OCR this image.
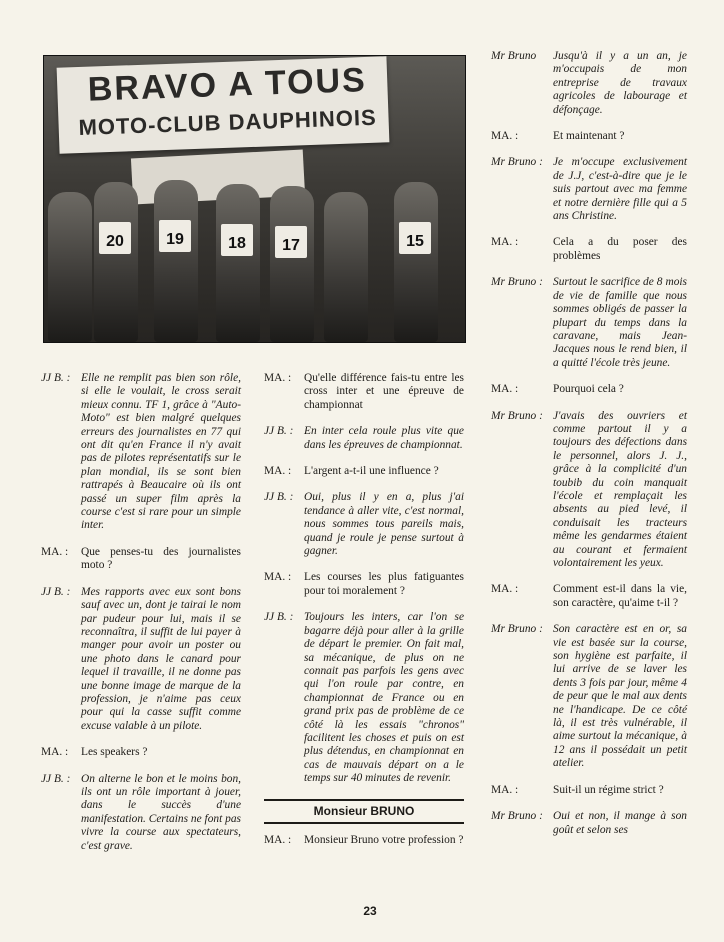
BRAVO A TOUS
MOTO-CLUB DAUPHINOIS
20	19	18	17	15
JJ B. : Elle ne remplit pas bien son rôle, si elle le voulait, le cross serait mieux connu. TF 1, grâce à "Auto-Moto" est bien malgré quelques erreurs des journalistes en 77 qui ont dit qu'en France il n'y avait pas de pilotes représentatifs sur le plan mondial, ils se sont bien rattrapés à Beaucaire où ils ont passé un super film après la course c'est si rare pour un simple inter.
MA. :	Que penses-tu des journalistes moto ?
JJ B. : Mes rapports avec eux sont bons sauf avec un, dont je tairai le nom par pudeur pour lui, mais il se reconnaîtra, il suffit de lui payer à manger pour avoir un poster ou une photo dans le canard pour lequel il travaille, il ne donne pas une bonne image de marque de la profession, je n'aime pas ceux pour qui la casse suffit comme excuse valable à un pilote.
MA. :	Les speakers ?
JJ B. : On alterne le bon et le moins bon, ils ont un rôle important à jouer, dans le succès d'une manifestation. Certains ne font pas vivre la course aux spectateurs, c'est grave.
MA. :	Qu'elle différence fais-tu entre les cross inter et une épreuve de championnat
JJ B. : En inter cela roule plus vite que dans les épreuves de championnat.
MA. :	L'argent a-t-il une influence ?
JJ B. : Oui, plus il y en a, plus j'ai tendance à aller vite, c'est normal, nous sommes tous pareils mais, quand je roule je pense surtout à gagner.
MA. :	Les courses les plus fatiguantes pour toi moralement ?
JJ B. : Toujours les inters, car l'on se bagarre déjà pour aller à la grille de départ le premier. On fait mal, sa mécanique, de plus on ne connait pas parfois les gens avec qui l'on roule par contre, en championnat de France ou en grand prix pas de problème de ce côté là les essais "chronos" facilitent les choses et puis on est plus détendus, en championnat en cas de mauvais départ on a le temps sur 40 minutes de revenir.
Monsieur BRUNO
MA. :	Monsieur Bruno votre profession ?
Mr Bruno	Jusqu'à il y a un an, je m'occupais de mon entreprise de travaux agricoles de labourage et défonçage.
MA. :	Et maintenant ?
Mr Bruno : Je m'occupe exclusivement de J.J, c'est-à-dire que je le suis partout avec ma femme et notre dernière fille qui a 5 ans Christine.
MA. :	Cela a du poser des problèmes
Mr Bruno : Surtout le sacrifice de 8 mois de vie de famille que nous sommes obligés de passer la plupart du temps dans la caravane, mais Jean-Jacques nous le rend bien, il a quitté l'école très jeune.
MA. :	Pourquoi cela ?
Mr Bruno : J'avais des ouvriers et comme partout il y a toujours des défections dans le personnel, alors J. J., grâce à la complicité d'un toubib du coin manquait l'école et remplaçait les absents au pied levé, il conduisait les tracteurs même les gendarmes étaient au courant et fermaient volontairement les yeux.
MA. :	Comment est-il dans la vie, son caractère, qu'aime t-il ?
Mr Bruno : Son caractère est en or, sa vie est basée sur la course, son hygiène est parfaite, il lui arrive de se laver les dents 3 fois par jour, même 4 de peur que le mal aux dents ne l'handicape. De ce côté là, il est très vulnérable, il aime surtout la mécanique, à 12 ans il possédait un petit atelier.
MA. :	Suit-il un régime strict ?
Mr Bruno : Oui et non, il mange à son goût et selon ses
23
